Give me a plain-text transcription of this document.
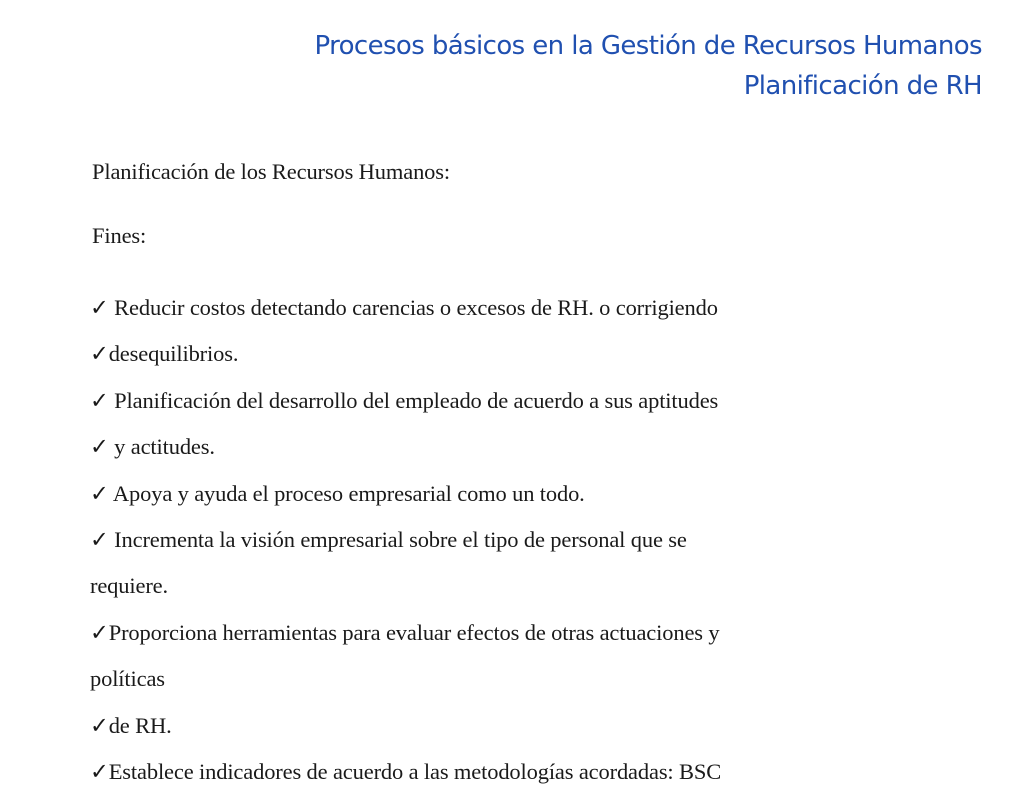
Procesos básicos en la Gestión de Recursos Humanos
Planificación de RH

Planificación de los Recursos Humanos:

Fines:
✓ Reducir costos detectando carencias o excesos de RH. o corrigiendo
✓desequilibrios.
✓ Planificación del desarrollo del empleado de acuerdo a sus aptitudes
✓ y actitudes.
✓ Apoya y ayuda el proceso empresarial como un todo.
✓ Incrementa la visión empresarial sobre el tipo de personal que se
requiere.
✓Proporciona herramientas para evaluar efectos de otras actuaciones y
políticas
✓de RH.
✓Establece indicadores de acuerdo a las metodologías acordadas: BSC
